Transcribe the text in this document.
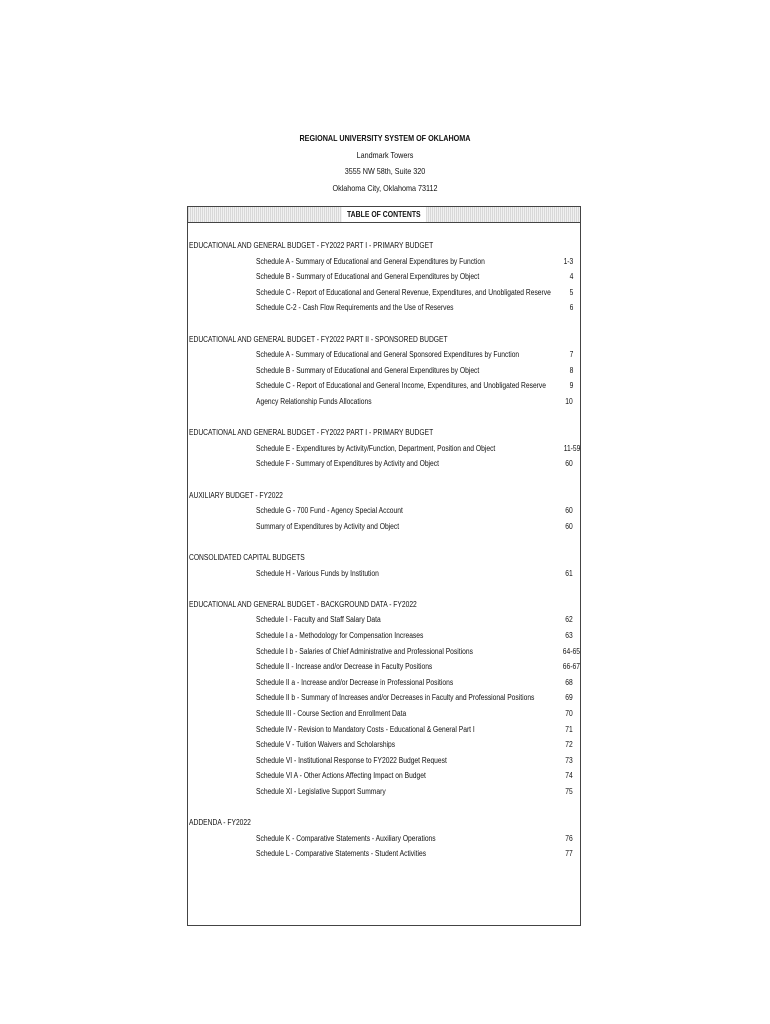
REGIONAL UNIVERSITY SYSTEM OF OKLAHOMA
Landmark Towers
3555 NW 58th, Suite 320
Oklahoma City, Oklahoma 73112
TABLE OF CONTENTS
EDUCATIONAL AND GENERAL BUDGET - FY2022 PART I - PRIMARY BUDGET
Schedule A - Summary of Educational and General Expenditures by Function	1-3
Schedule B - Summary of Educational and General Expenditures by Object	4
Schedule C - Report of Educational and General Revenue, Expenditures, and Unobligated Reserve 5
Schedule C-2 - Cash Flow Requirements and the Use of Reserves	6
EDUCATIONAL AND GENERAL BUDGET - FY2022 PART II - SPONSORED BUDGET
Schedule A - Summary of Educational and General Sponsored Expenditures by Function	7
Schedule B - Summary of Educational and General Expenditures by Object	8
Schedule C - Report of Educational and General Income, Expenditures, and Unobligated Reserve	9
Agency Relationship Funds Allocations	10
EDUCATIONAL AND GENERAL BUDGET - FY2022 PART I - PRIMARY BUDGET
Schedule E - Expenditures by Activity/Function, Department, Position and Object	11-59
Schedule F - Summary of Expenditures by Activity and Object	60
AUXILIARY BUDGET - FY2022
Schedule G - 700 Fund - Agency Special Account	60
Summary of Expenditures by Activity and Object	60
CONSOLIDATED CAPITAL BUDGETS
Schedule H - Various Funds by Institution	61
EDUCATIONAL AND GENERAL BUDGET - BACKGROUND DATA - FY2022
Schedule I - Faculty and Staff Salary Data	62
Schedule I a - Methodology for Compensation Increases	63
Schedule I b - Salaries of Chief Administrative and Professional Positions	64-65
Schedule II - Increase and/or Decrease in Faculty Positions	66-67
Schedule II a - Increase and/or Decrease in Professional Positions	68
Schedule II b - Summary of Increases and/or Decreases in Faculty and Professional Positions	69
Schedule III - Course Section and Enrollment Data	70
Schedule IV - Revision to Mandatory Costs - Educational & General Part I	71
Schedule V - Tuition Waivers and Scholarships	72
Schedule VI - Institutional Response to FY2022 Budget Request	73
Schedule VI A - Other Actions Affecting Impact on Budget	74
Schedule XI - Legislative Support Summary	75
ADDENDA - FY2022
Schedule K - Comparative Statements - Auxiliary Operations	76
Schedule L - Comparative Statements - Student Activities	77
